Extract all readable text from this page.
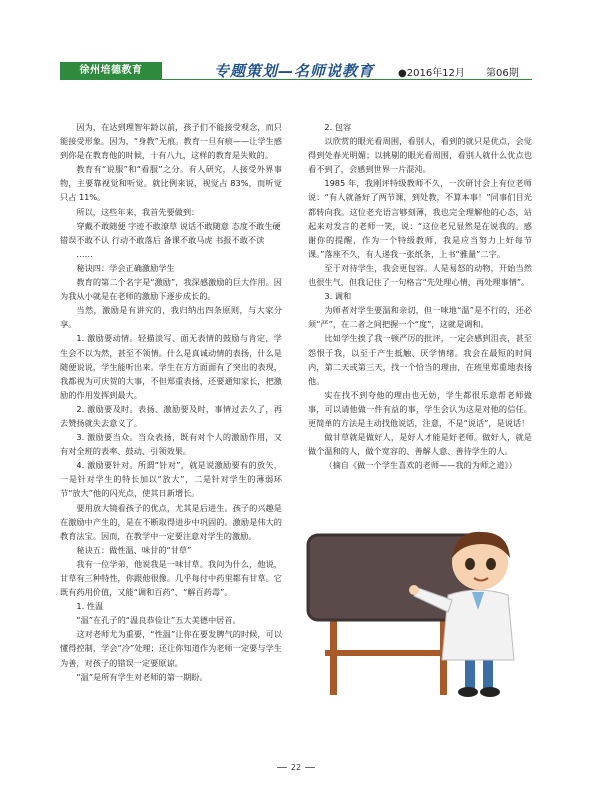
徐州培德教育	专题策划—名师说教育 ●2016年12月 第06期

因为，在达到理智年龄以前，孩子们不能接受观念，而只能接受形象。因为，“身教”无痕。教育一旦有痕——让学生感到你是在教育他的时候，十有八九，这样的教育是失败的。

教育有“说服”和“看服”之分。有人研究，人接受外界事物，主要靠视觉和听觉。就比例来说，视觉占 83%，而听觉只占 11%。

所以，这些年来，我首先要做到：

穿戴不敢随便 字迹不敢潦草 说话不敢随意 态度不敢生硬

错误不敢不认 行动不敢落后 备课不敢马虎 书报不敢不读

……

秘诀四：学会正确激励学生

教育的第二个名字是“激励”，我深感激励的巨大作用。因为我从小就是在老师的激励下逐步成长的。

当然，激励是有讲究的，我归纳出四条原则，与大家分享。

1. 激励要动情。轻描淡写、面无表情的鼓励与肯定，学生会不以为然，甚至不领情。什么是真诚动情的表扬，什么是随便说说，学生能听出来。学生在方方面面有了突出的表现，我都视为可庆贺的大事，不但郑重表扬，还要通知家长，把激励的作用发挥到最大。

2. 激励要及时。表扬、激励要及时，事情过去久了，再去赞扬就失去意义了。

3. 激励要当众。当众表扬，既有对个人的激励作用，又有对全班的表率、鼓动、引领效果。

4. 激励要针对。所谓“针对”，就是说激励要有的放矢，一是针对学生的特长加以“放大”，二是针对学生的薄弱环节“放大”他的闪光点，使其日新增长。

要用放大镜看孩子的优点，尤其是后进生。孩子的兴趣是在激励中产生的，是在不断取得进步中巩固的。激励是伟大的教育法宝。因而，在教学中一定要注意对学生的激励。

秘诀五：做性温、味甘的“甘草”

我有一位学弟，他说我是一味甘草。我问为什么，他说，甘草有三种特性，你跟他很像。几乎每付中药里都有甘草。它既有药用价值，又能“调和百药”、“解百药毒”。

1. 性温

“温”在孔子的“温良恭俭让”五大美德中居首。

这对老师尤为重要，“性温”让你在要发脾气的时候，可以懂得控制，学会“冷”处理；还让你知道作为老师一定要与学生为善，对孩子的错误一定要原谅。

“温”是所有学生对老师的第一期盼。

2. 包容

以欣赏的眼光看周围，看别人，看到的就只是优点，会觉得到处春光明媚；以挑剔的眼光看周围，看别人就什么优点也看不到了，会感到世界一片混沌。

1985 年，我刚评特级教师不久，一次研讨会上有位老师说：“有人就备好了两节课，到处教，不算本事！”同事们目光都转向我。这位老充语言够刻薄，我也完全理解他的心态，站起来对发言的老师一笑，说：“这位老兄显然是在说我的。感谢你的提醒，作为一个特级教师，我是应当努力上好每节课。”落座不久，有人递我一张纸条，上书“雅量”二字。

至于对待学生，我会更包容。人是易怒的动物，开始当然也很生气，但我记住了一句格言“先处理心情，再处理事情”。

3. 调和

为师者对学生要温和亲切，但一味地“温”是不行的，还必须“严”，在二者之间把握一个“度”，这就是调和。

比如学生挨了我一顿严厉的批评，一定会感到沮丧，甚至怨恨于我，以至于产生抵触、厌学情绪。我会在最短的时间内，第二天或第三天，找一个恰当的理由，在班里郑重地表扬他。

实在找不到夸他的理由也无妨，学生都很乐意帮老师做事，可以请他做一件有益的事，学生会认为这是对他的信任。更简单的方法是主动找他说话，注意，不是“说话”，是说话！

做甘草就是做好人，是好人才能是好老师。做好人，就是做个温和的人，做个宽容的、善解人意、善待学生的人。

（摘自《做一个学生喜欢的老师——我的为师之道》）

22
